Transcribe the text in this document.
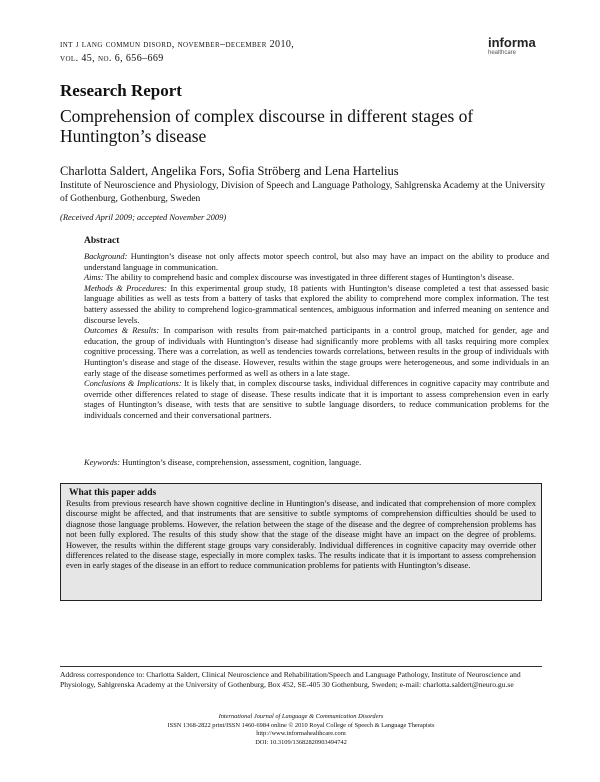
int j lang commun disord, november–december 2010,
vol. 45, no. 6, 656–669
informa
healthcare
Research Report
Comprehension of complex discourse in different stages of Huntington’s disease
Charlotta Saldert, Angelika Fors, Sofia Ströberg and Lena Hartelius
Institute of Neuroscience and Physiology, Division of Speech and Language Pathology, Sahlgrenska Academy at the University of Gothenburg, Gothenburg, Sweden
(Received April 2009; accepted November 2009)
Abstract

Background: Huntington’s disease not only affects motor speech control, but also may have an impact on the ability to produce and understand language in communication.

Aims: The ability to comprehend basic and complex discourse was investigated in three different stages of Huntington’s disease.

Methods & Procedures: In this experimental group study, 18 patients with Huntington’s disease completed a test that assessed basic language abilities as well as tests from a battery of tasks that explored the ability to comprehend more complex information. The test battery assessed the ability to comprehend logico-grammatical sentences, ambiguous information and inferred meaning on sentence and discourse levels.

Outcomes & Results: In comparison with results from pair-matched participants in a control group, matched for gender, age and education, the group of individuals with Huntington’s disease had significantly more problems with all tasks requiring more complex cognitive processing. There was a correlation, as well as tendencies towards correlations, between results in the group of individuals with Huntington’s disease and stage of the disease. However, results within the stage groups were heterogeneous, and some individuals in an early stage of the disease sometimes performed as well as others in a late stage.

Conclusions & Implications: It is likely that, in complex discourse tasks, individual differences in cognitive capacity may contribute and override other differences related to stage of disease. These results indicate that it is important to assess comprehension even in early stages of Huntington’s disease, with tests that are sensitive to subtle language disorders, to reduce communication problems for the individuals concerned and their conversational partners.

Keywords: Huntington’s disease, comprehension, assessment, cognition, language.
What this paper adds
Results from previous research have shown cognitive decline in Huntington’s disease, and indicated that comprehension of more complex discourse might be affected, and that instruments that are sensitive to subtle symptoms of comprehension difficulties should be used to diagnose those language problems. However, the relation between the stage of the disease and the degree of comprehension problems has not been fully explored. The results of this study show that the stage of the disease might have an impact on the degree of problems. However, the results within the different stage groups vary considerably. Individual differences in cognitive capacity may override other differences related to the disease stage, especially in more complex tasks. The results indicate that it is important to assess comprehension even in early stages of the disease in an effort to reduce communication problems for patients with Huntington’s disease.
Address correspondence to: Charlotta Saldert, Clinical Neuroscience and Rehabilitation/Speech and Language Pathology, Institute of Neuroscience and Physiology, Sahlgrenska Academy at the University of Gothenburg, Box 452, SE-405 30 Gothenburg, Sweden; e-mail: charlotta.saldert@neuro.gu.se
International Journal of Language & Communication Disorders
ISSN 1368-2822 print/ISSN 1460-6984 online © 2010 Royal College of Speech & Language Therapists
http://www.informahealthcare.com
DOI: 10.3109/13682820903494742
